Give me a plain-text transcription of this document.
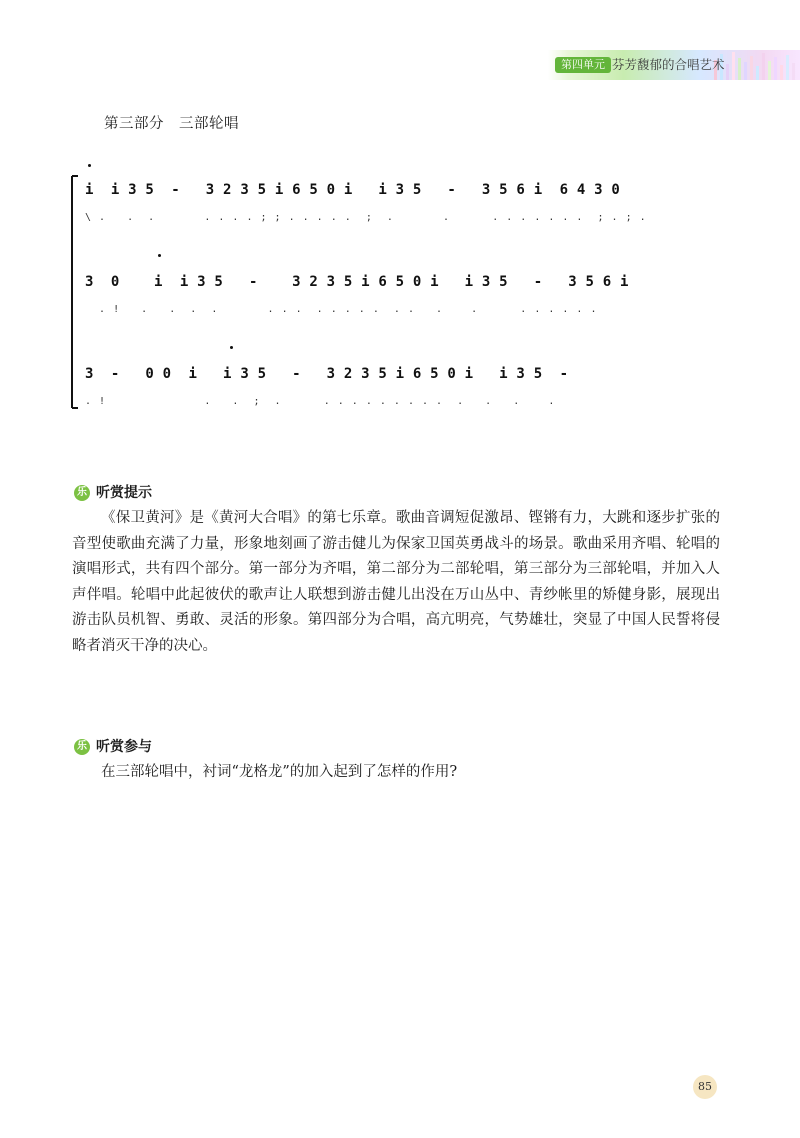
第四单元 芬芳馥郁的合唱艺术
第三部分　三部轮唱
i  i 3 5  -   3 2 3 5 i 6 5 0 i   i 3 5   -   3 5 6 i  6 4 3 0
\ .   .  .       . . . . ; ; . . . . .  ;  .       .      . . . . . . .  ; . ; .
3  0    i  i 3 5   -    3 2 3 5 i 6 5 0 i   i 3 5   -   3 5 6 i
. !   .   .  .  .       . . .  . . . . .  . .   .    .      . . . . . .
3  -   0 0  i   i 3 5   -   3 2 3 5 i 6 5 0 i   i 3 5  -
. !              .   .  ;  .      . . . . . . . . .  .   .   .    .
乐 听赏提示

《保卫黄河》是《黄河大合唱》的第七乐章。歌曲音调短促激昂、铿锵有力，大跳和逐步扩张的音型使歌曲充满了力量，形象地刻画了游击健儿为保家卫国英勇战斗的场景。歌曲采用齐唱、轮唱的演唱形式，共有四个部分。第一部分为齐唱，第二部分为二部轮唱，第三部分为三部轮唱，并加入人声伴唱。轮唱中此起彼伏的歌声让人联想到游击健儿出没在万山丛中、青纱帐里的矫健身影，展现出游击队员机智、勇敢、灵活的形象。第四部分为合唱，高亢明亮，气势雄壮，突显了中国人民誓将侵略者消灭干净的决心。

乐 听赏参与

在三部轮唱中，衬词“龙格龙”的加入起到了怎样的作用?

85
